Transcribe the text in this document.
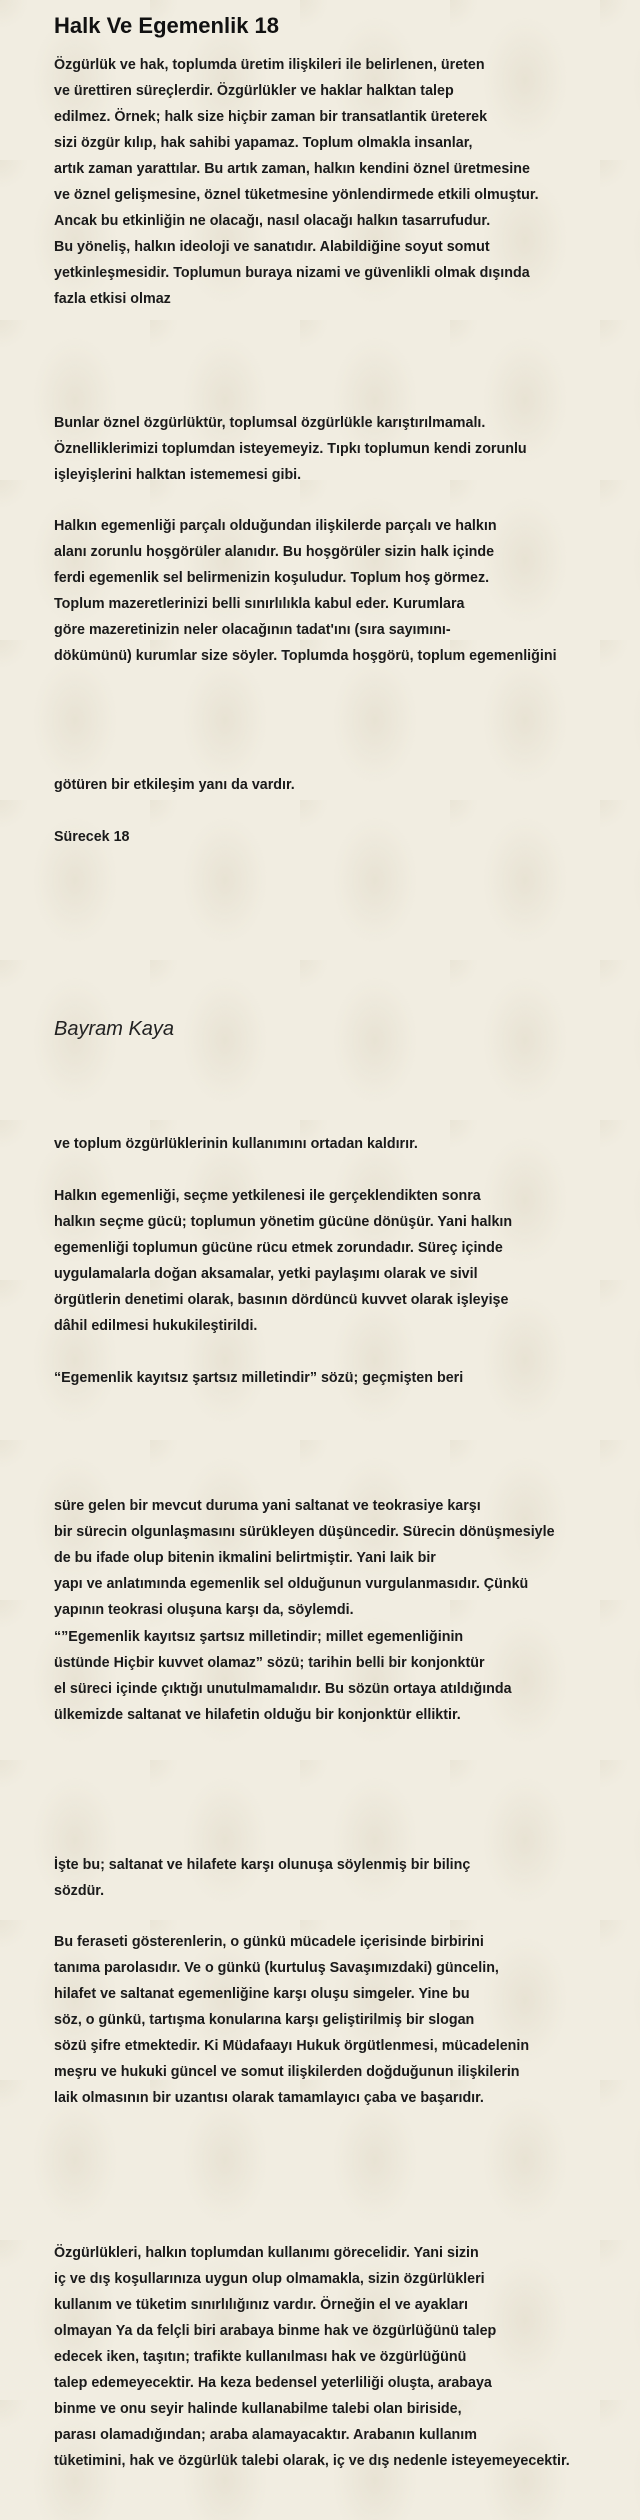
Halk Ve Egemenlik 18
Özgürlük ve hak, toplumda üretim ilişkileri ile belirlenen, üreten
ve ürettiren süreçlerdir. Özgürlükler ve haklar halktan talep
edilmez. Örnek; halk size hiçbir zaman bir transatlantik üreterek
sizi özgür kılıp, hak sahibi yapamaz. Toplum olmakla insanlar,
artık zaman yarattılar. Bu artık zaman, halkın kendini öznel üretmesine
ve öznel gelişmesine, öznel tüketmesine yönlendirmede etkili olmuştur.
Ancak bu etkinliğin ne olacağı, nasıl olacağı halkın tasarrufudur.
Bu yöneliş, halkın ideoloji ve sanatıdır. Alabildiğine soyut somut
yetkinleşmesidir. Toplumun buraya nizami ve güvenlikli olmak dışında
fazla etkisi olmaz
Bunlar öznel özgürlüktür, toplumsal özgürlükle karıştırılmamalı.
Öznelliklerimizi toplumdan isteyemeyiz. Tıpkı toplumun kendi zorunlu
işleyişlerini halktan istememesi gibi.
Halkın egemenliği parçalı olduğundan ilişkilerde parçalı ve halkın
alanı zorunlu hoşgörüler alanıdır. Bu hoşgörüler sizin halk içinde
ferdi egemenlik sel belirmenizin koşuludur. Toplum hoş görmez.
Toplum mazeretlerinizi belli sınırlılıkla kabul eder. Kurumlara
göre mazeretinizin neler olacağının tadat'ını (sıra sayımını-
dökümünü) kurumlar size söyler. Toplumda hoşgörü, toplum egemenliğini
götüren bir etkileşim yanı da vardır.
Sürecek 18
Bayram Kaya
ve toplum özgürlüklerinin kullanımını ortadan kaldırır.
Halkın egemenliği, seçme yetkilenesi ile gerçeklendikten sonra
halkın seçme gücü; toplumun yönetim gücüne dönüşür. Yani halkın
egemenliği toplumun gücüne rücu etmek zorundadır. Süreç içinde
uygulamalarla doğan aksamalar, yetki paylaşımı olarak ve sivil
örgütlerin denetimi olarak, basının dördüncü kuvvet olarak işleyişe
dâhil edilmesi hukukileştirildi.
“Egemenlik kayıtsız şartsız milletindir” sözü; geçmişten beri
süre gelen bir mevcut duruma yani saltanat ve teokrasiye karşı
bir sürecin olgunlaşmasını sürükleyen düşüncedir. Sürecin dönüşmesiyle
de bu ifade olup bitenin ikmalini belirtmiştir. Yani laik bir
yapı ve anlatımında egemenlik sel olduğunun vurgulanmasıdır. Çünkü
yapının teokrasi oluşuna karşı da, söylemdi.
“”Egemenlik kayıtsız şartsız milletindir; millet egemenliğinin
üstünde Hiçbir kuvvet olamaz” sözü; tarihin belli bir konjonktür
el süreci içinde çıktığı unutulmamalıdır. Bu sözün ortaya atıldığında
ülkemizde saltanat ve hilafetin olduğu bir konjonktür elliktir.
İşte bu; saltanat ve hilafete karşı olunuşa söylenmiş bir bilinç
sözdür.
Bu feraseti gösterenlerin, o günkü mücadele içerisinde birbirini
tanıma parolasıdır. Ve o günkü (kurtuluş Savaşımızdaki) güncelin,
hilafet ve saltanat egemenliğine karşı oluşu simgeler. Yine bu
söz, o günkü, tartışma konularına karşı geliştirilmiş bir slogan
sözü şifre etmektedir. Ki Müdafaayı Hukuk örgütlenmesi, mücadelenin
meşru ve hukuki güncel ve somut ilişkilerden doğduğunun ilişkilerin
laik olmasının bir uzantısı olarak tamamlayıcı çaba ve başarıdır.
Özgürlükleri, halkın toplumdan kullanımı görecelidir. Yani sizin
iç ve dış koşullarınıza uygun olup olmamakla, sizin özgürlükleri
kullanım ve tüketim sınırlılığınız vardır. Örneğin el ve ayakları
olmayan Ya da felçli biri arabaya binme hak ve özgürlüğünü talep
edecek iken, taşıtın; trafikte kullanılması hak ve özgürlüğünü
talep edemeyecektir. Ha keza bedensel yeterliliği oluşta, arabaya
binme ve onu seyir halinde kullanabilme talebi olan biriside,
parası olamadığından; araba alamayacaktır. Arabanın kullanım
tüketimini, hak ve özgürlük talebi olarak, iç ve dış nedenle isteyemeyecektir.
